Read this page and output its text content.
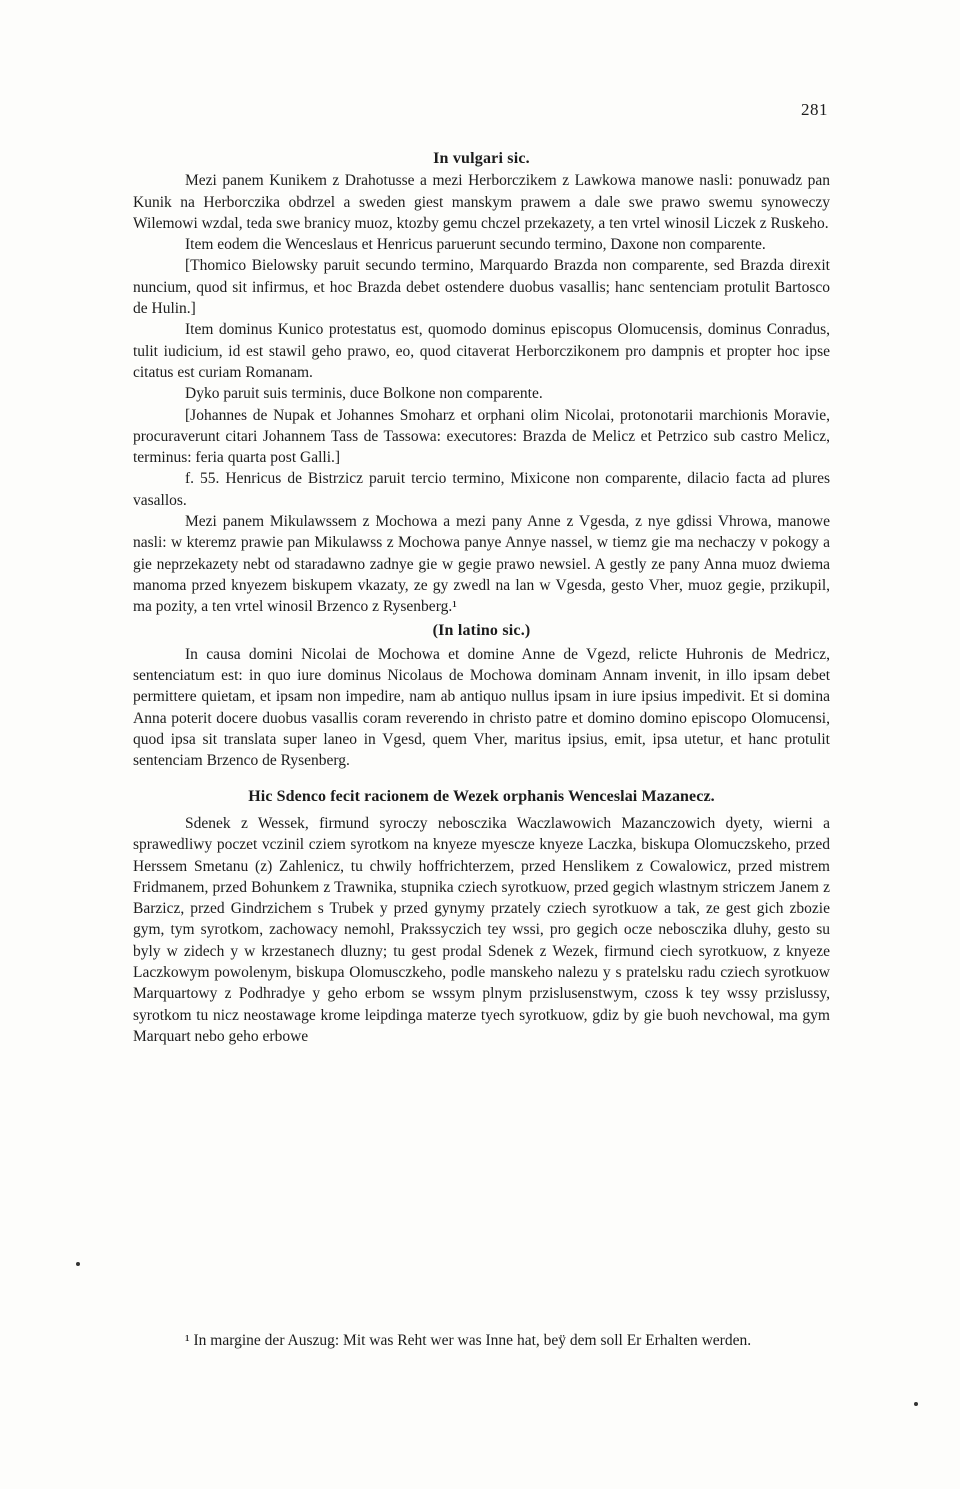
281
In vulgari sic.

Mezi panem Kunikem z Drahotusse a mezi Herborczikem z Lawkowa manowe nasli: ponuwadz pan Kunik na Herborczika obdrzel a sweden giest manskym prawem a dale swe prawo swemu synoweczy Wilemowi wzdal, teda swe branicy muoz, ktozby gemu chczel przekazety, a ten vrtel winosil Liczek z Ruskeho.

Item eodem die Wenceslaus et Henricus paruerunt secundo termino, Daxone non comparente.

[Thomico Bielowsky paruit secundo termino, Marquardo Brazda non comparente, sed Brazda direxit nuncium, quod sit infirmus, et hoc Brazda debet ostendere duobus vasallis; hanc sentenciam protulit Bartosco de Hulin.]

Item dominus Kunico protestatus est, quomodo dominus episcopus Olomucensis, dominus Conradus, tulit iudicium, id est stawil geho prawo, eo, quod citaverat Herborczikonem pro dampnis et propter hoc ipse citatus est curiam Romanam.

Dyko paruit suis terminis, duce Bolkone non comparente.

[Johannes de Nupak et Johannes Smoharz et orphani olim Nicolai, protonotarii marchionis Moravie, procuraverunt citari Johannem Tass de Tassowa: executores: Brazda de Melicz et Petrzico sub castro Melicz, terminus: feria quarta post Galli.]

f. 55. Henricus de Bistrzicz paruit tercio termino, Mixicone non comparente, dilacio facta ad plures vasallos.

Mezi panem Mikulawssem z Mochowa a mezi pany Anne z Vgesda, z nye gdissi Vhrowa, manowe nasli: w kteremz prawie pan Mikulawss z Mochowa panye Annye nassel, w tiemz gie ma nechaczy v pokogy a gie neprzekazety nebt od staradawno zadnye gie w gegie prawo newsiel. A gestly ze pany Anna muoz dwiema manoma przed knyezem biskupem vkazaty, ze gy zwedl na lan w Vgesda, gesto Vher, muoz gegie, przikupil, ma pozity, a ten vrtel winosil Brzenco z Rysenberg.¹

(In latino sic.)

In causa domini Nicolai de Mochowa et domine Anne de Vgezd, relicte Huhronis de Medricz, sentenciatum est: in quo iure dominus Nicolaus de Mochowa dominam Annam invenit, in illo ipsam debet permittere quietam, et ipsam non impedire, nam ab antiquo nullus ipsam in iure ipsius impedivit. Et si domina Anna poterit docere duobus vasallis coram reverendo in christo patre et domino domino episcopo Olomucensi, quod ipsa sit translata super laneo in Vgesd, quem Vher, maritus ipsius, emit, ipsa utetur, et hanc protulit sentenciam Brzenco de Rysenberg.

Hic Sdenco fecit racionem de Wezek orphanis Wenceslai Mazanecz.

Sdenek z Wessek, firmund syroczy nebosczika Waczlawowich Mazanczowich dyety, wierni a sprawedliwy poczet vczinil cziem syrotkom na knyeze myescze knyeze Laczka, biskupa Olomuczskeho, przed Herssem Smetanu (z) Zahlenicz, tu chwily hoffrichterzem, przed Henslikem z Cowalowicz, przed mistrem Fridmanem, przed Bohunkem z Trawnika, stupnika cziech syrotkuow, przed gegich wlastnym striczem Janem z Barzicz, przed Gindrzichem s Trubek y przed gynymy przately cziech syrotkuow a tak, ze gest gich zbozie gym, tym syrotkom, zachowacy nemohl, Prakssyczich tey wssi, pro gegich ocze nebosczika dluhy, gesto su byly w zidech y w krzestanech dluzny; tu gest prodal Sdenek z Wezek, firmund ciech syrotkuow, z knyeze Laczkowym powolenym, biskupa Olomusczkeho, podle manskeho nalezu y s pratelsku radu cziech syrotkuow Marquartowy z Podhradye y geho erbom se wssym plnym przislusenstwym, czoss k tey wssy przislussy, syrotkom tu nicz neostawage krome leipdinga materze tyech syrotkuow, gdiz by gie buoh nevchowal, ma gym Marquart nebo geho erbowe

¹ In margine der Auszug: Mit was Reht wer was Inne hat, beÿ dem soll Er Erhalten werden.
